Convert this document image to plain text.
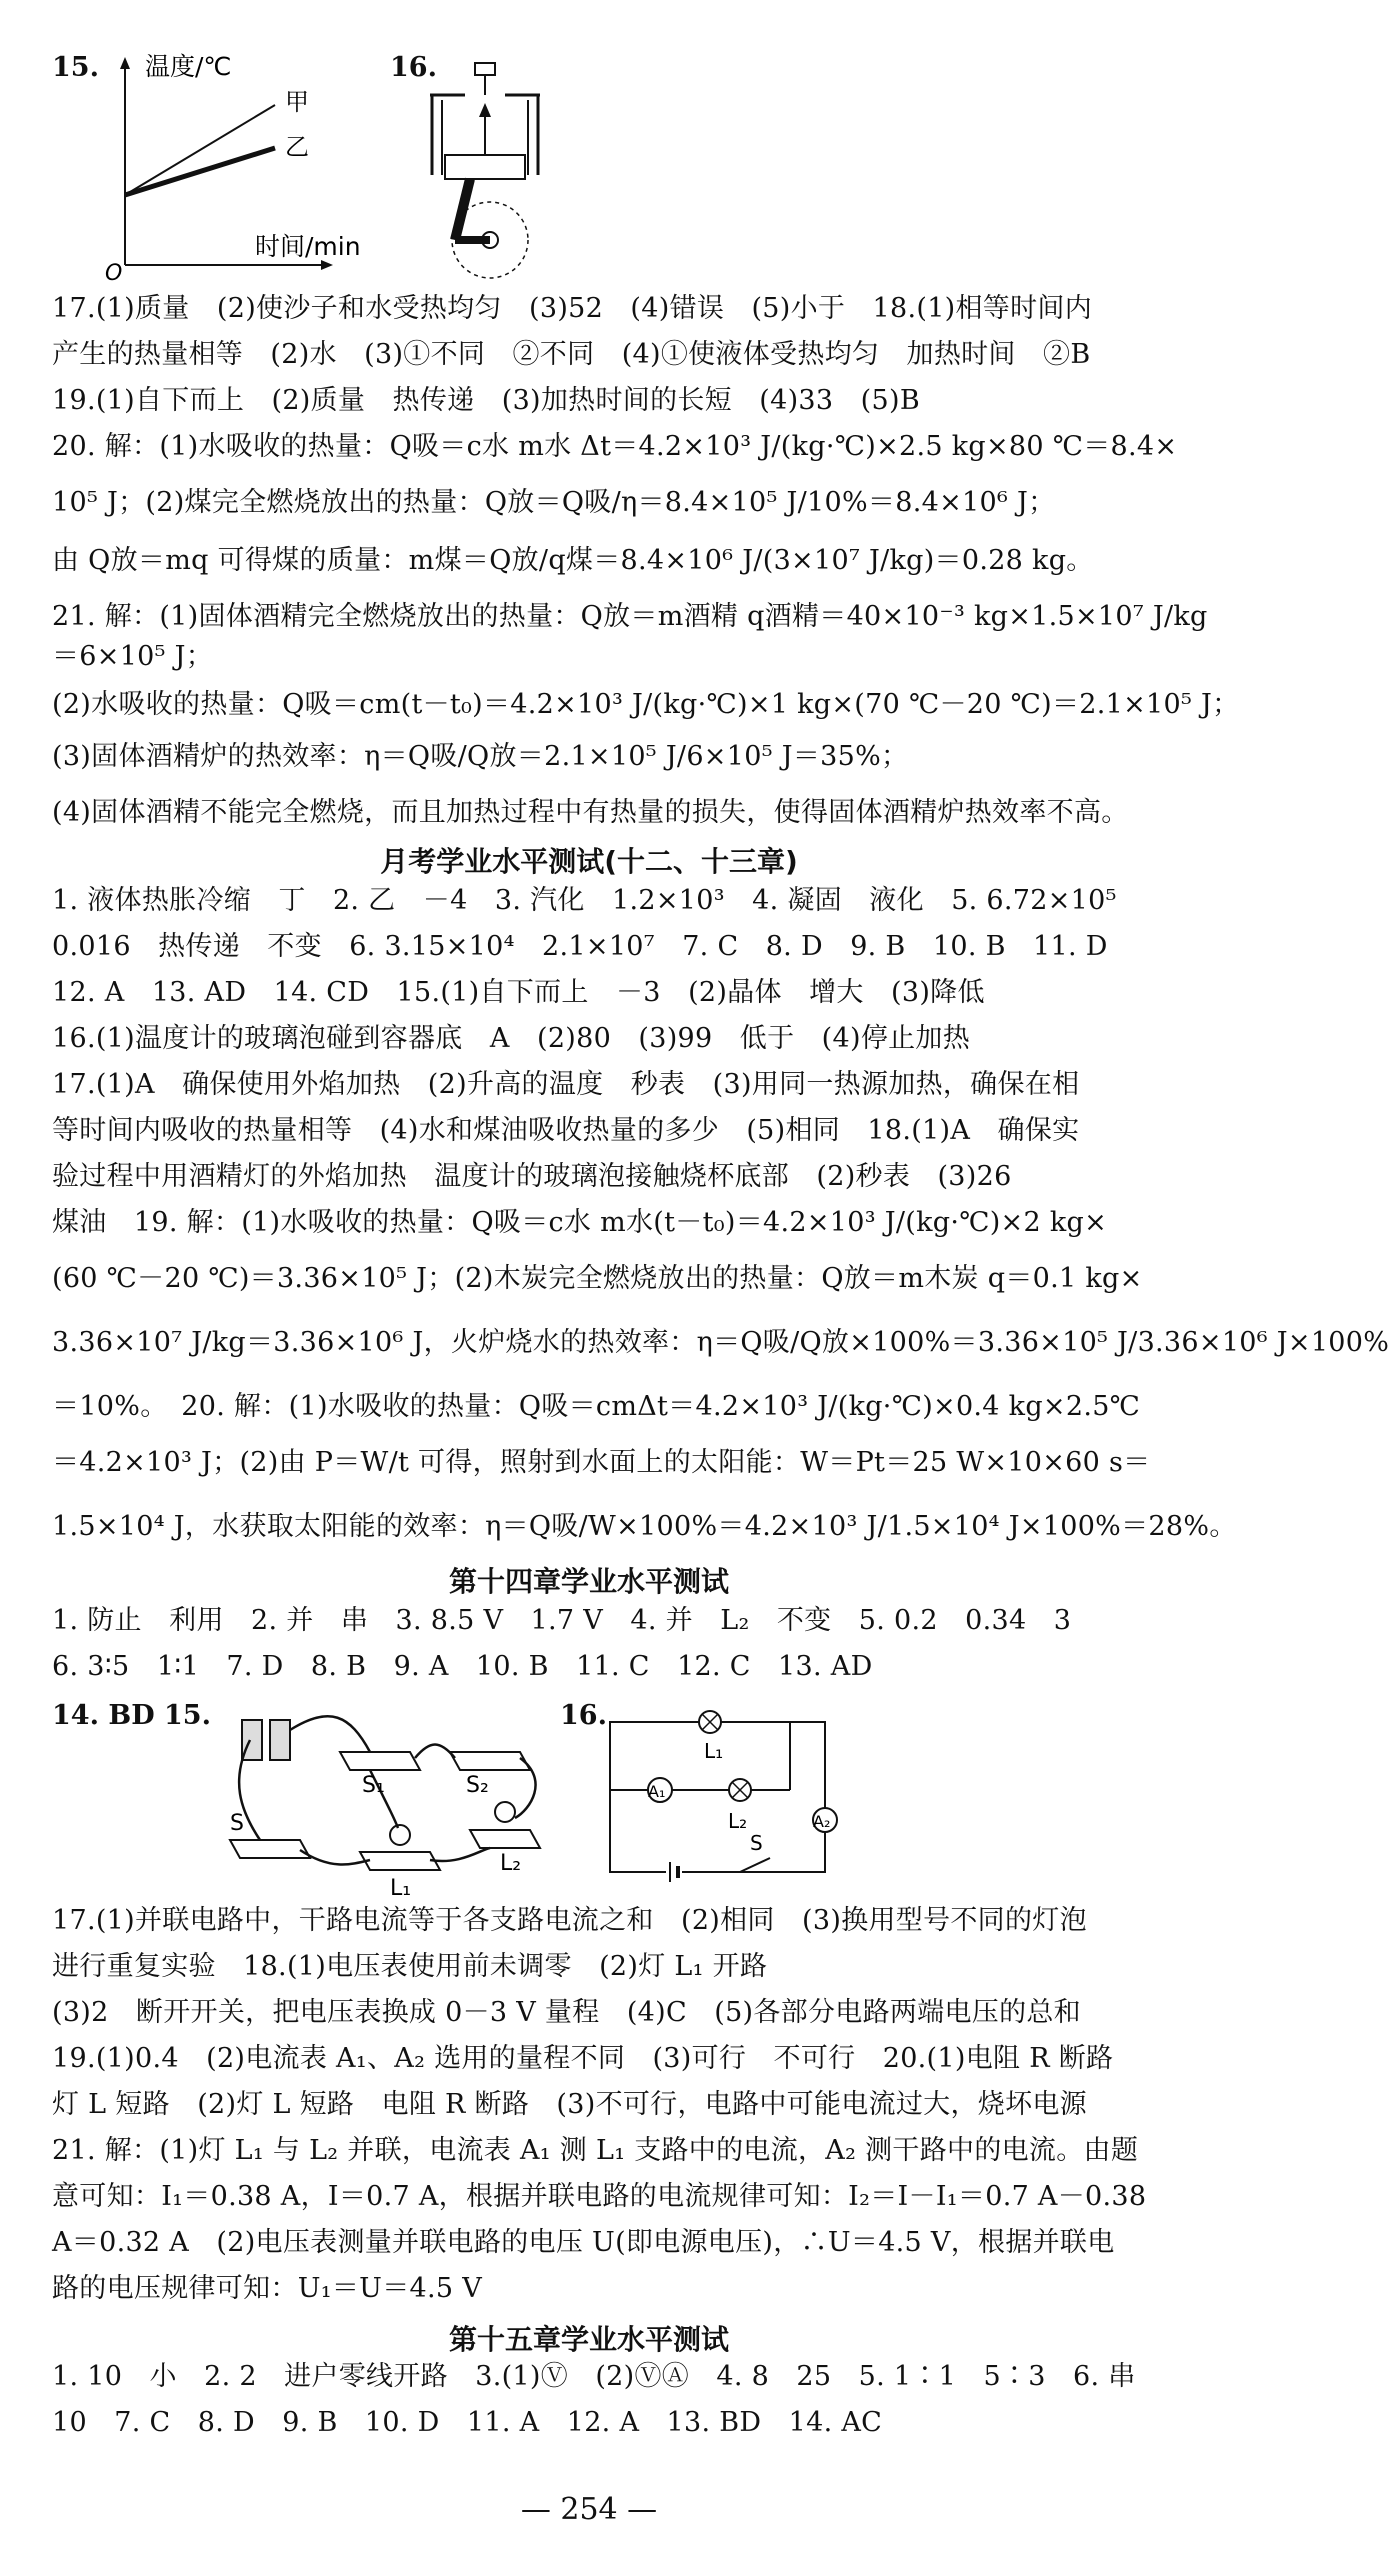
15. 温度/℃
时间/min
O
甲
乙
16.
17.(1)质量　(2)使沙子和水受热均匀　(3)52　(4)错误　(5)小于　18.(1)相等时间内
产生的热量相等　(2)水　(3)①不同　②不同　(4)①使液体受热均匀　加热时间　②B
19.(1)自下而上　(2)质量　热传递　(3)加热时间的长短　(4)33　(5)B
20. 解：(1)水吸收的热量：Q吸＝c水 m水 Δt＝4.2×10³ J/(kg·℃)×2.5 kg×80 ℃＝8.4×
10⁵ J；(2)煤完全燃烧放出的热量：Q放＝Q吸/η＝8.4×10⁵ J/10%＝8.4×10⁶ J；
由 Q放＝mq 可得煤的质量：m煤＝Q放/q煤＝8.4×10⁶ J/(3×10⁷ J/kg)＝0.28 kg。
21. 解：(1)固体酒精完全燃烧放出的热量：Q放＝m酒精 q酒精＝40×10⁻³ kg×1.5×10⁷ J/kg
＝6×10⁵ J；
(2)水吸收的热量：Q吸＝cm(t－t₀)＝4.2×10³ J/(kg·℃)×1 kg×(70 ℃－20 ℃)＝2.1×10⁵ J；
(3)固体酒精炉的热效率：η＝Q吸/Q放＝2.1×10⁵ J/6×10⁵ J＝35%；
(4)固体酒精不能完全燃烧，而且加热过程中有热量的损失，使得固体酒精炉热效率不高。
月考学业水平测试(十二、十三章)
1. 液体热胀冷缩　丁　2. 乙　－4　3. 汽化　1.2×10³　4. 凝固　液化　5. 6.72×10⁵
0.016　热传递　不变　6. 3.15×10⁴　2.1×10⁷　7. C　8. D　9. B　10. B　11. D
12. A　13. AD　14. CD　15.(1)自下而上　－3　(2)晶体　增大　(3)降低
16.(1)温度计的玻璃泡碰到容器底　A　(2)80　(3)99　低于　(4)停止加热
17.(1)A　确保使用外焰加热　(2)升高的温度　秒表　(3)用同一热源加热，确保在相
等时间内吸收的热量相等　(4)水和煤油吸收热量的多少　(5)相同　18.(1)A　确保实
验过程中用酒精灯的外焰加热　温度计的玻璃泡接触烧杯底部　(2)秒表　(3)26
煤油　19. 解：(1)水吸收的热量：Q吸＝c水 m水(t－t₀)＝4.2×10³ J/(kg·℃)×2 kg×
(60 ℃－20 ℃)＝3.36×10⁵ J；(2)木炭完全燃烧放出的热量：Q放＝m木炭 q＝0.1 kg×
3.36×10⁷ J/kg＝3.36×10⁶ J，火炉烧水的热效率：η＝Q吸/Q放×100%＝3.36×10⁵ J/3.36×10⁶ J×100%
＝10%。　20. 解：(1)水吸收的热量：Q吸＝cmΔt＝4.2×10³ J/(kg·℃)×0.4 kg×2.5℃
＝4.2×10³ J；(2)由 P＝W/t 可得，照射到水面上的太阳能：W＝Pt＝25 W×10×60 s＝
1.5×10⁴ J，水获取太阳能的效率：η＝Q吸/W×100%＝4.2×10³ J/1.5×10⁴ J×100%＝28%。
第十四章学业水平测试
1. 防止　利用　2. 并　串　3. 8.5 V　1.7 V　4. 并　L₂　不变　5. 0.2　0.34　3
6. 3∶5　1∶1　7. D　8. B　9. A　10. B　11. C　12. C　13. AD
14. BD 15.
S₁	S₂
S
L₁
L₂
16.
L₁
L₂
A₁
A₂
S
17.(1)并联电路中，干路电流等于各支路电流之和　(2)相同　(3)换用型号不同的灯泡
进行重复实验　18.(1)电压表使用前未调零　(2)灯 L₁ 开路
(3)2　断开开关，把电压表换成 0－3 V 量程　(4)C　(5)各部分电路两端电压的总和
19.(1)0.4　(2)电流表 A₁、A₂ 选用的量程不同　(3)可行　不可行　20.(1)电阻 R 断路
灯 L 短路　(2)灯 L 短路　电阻 R 断路　(3)不可行，电路中可能电流过大，烧坏电源
21. 解：(1)灯 L₁ 与 L₂ 并联，电流表 A₁ 测 L₁ 支路中的电流，A₂ 测干路中的电流。由题
意可知：I₁＝0.38 A，I＝0.7 A，根据并联电路的电流规律可知：I₂＝I－I₁＝0.7 A－0.38
A＝0.32 A　(2)电压表测量并联电路的电压 U(即电源电压)，∴U＝4.5 V，根据并联电
路的电压规律可知：U₁＝U＝4.5 V
第十五章学业水平测试
1. 10　小　2. 2　进户零线开路　3.(1)Ⓥ　(2)ⓋⒶ　4. 8　25　5. 1∶1　5∶3　6. 串
10　7. C　8. D　9. B　10. D　11. A　12. A　13. BD　14. AC
— 254 —
